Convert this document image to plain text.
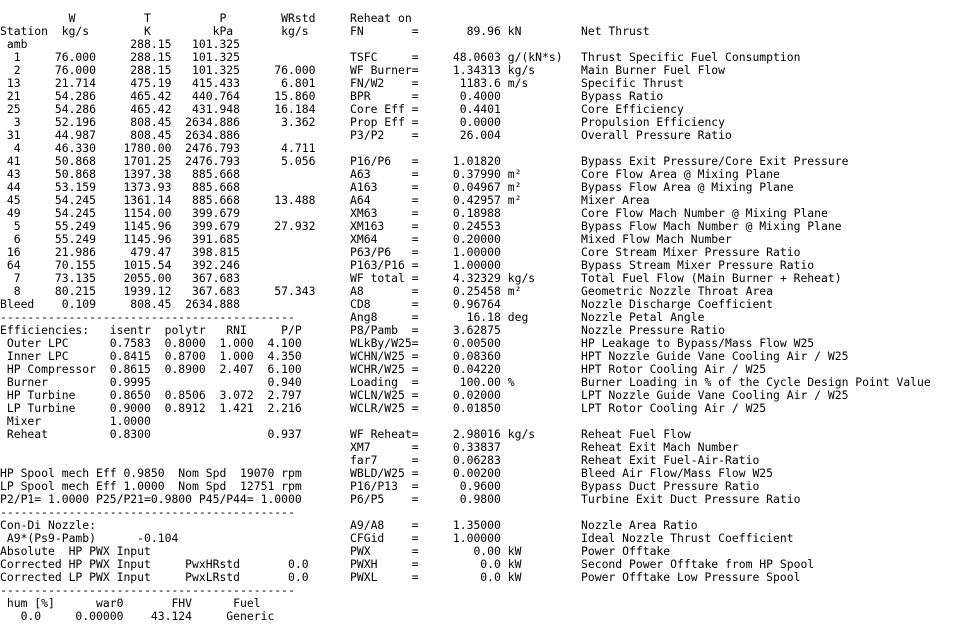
W          T          P        WRstd
Station  kg/s        K         kPa       kg/s
amb               288.15   101.325
1     76.000     288.15   101.325
2     76.000     288.15   101.325     76.000
13     21.714     475.19   415.433      6.801
21     54.286     465.42   440.764     15.860
25     54.286     465.42   431.948     16.184
3     52.196     808.45  2634.886      3.362
31     44.987     808.45  2634.886
4     46.330    1780.00  2476.793      4.711
41     50.868    1701.25  2476.793      5.056
43     50.868    1397.38   885.668
44     53.159    1373.93   885.668
45     54.245    1361.14   885.668     13.488
49     54.245    1154.00   399.679
5     55.249    1145.96   399.679     27.932
6     55.249    1145.96   391.685
16     21.986     479.47   398.815
64     70.155    1015.54   392.246
7     73.135    2055.00   367.683
8     80.215    1939.12   367.683     57.343
Bleed    0.109     808.45  2634.888
-------------------------------------------
Efficiencies:   isentr  polytr   RNI     P/P
Outer LPC      0.7583  0.8000  1.000  4.100
Inner LPC      0.8415  0.8700  1.000  4.350
HP Compressor  0.8615  0.8900  2.407  6.100
Burner         0.9995                 0.940
HP Turbine     0.8650  0.8506  3.072  2.797
LP Turbine     0.9000  0.8912  1.421  2.216
Mixer          1.0000
Reheat         0.8300                 0.937
HP Spool mech Eff 0.9850  Nom Spd  19070 rpm
LP Spool mech Eff 1.0000  Nom Spd  12751 rpm
P2/P1= 1.0000 P25/P21=0.9800 P45/P44= 1.0000
-------------------------------------------
Con-Di Nozzle:
A9*(Ps9-Pamb)      -0.104
Absolute  HP PWX Input
Corrected HP PWX Input     PwxHRstd       0.0
Corrected LP PWX Input     PwxLRstd       0.0
-------------------------------------------
hum [%]      war0       FHV      Fuel
0.0     0.00000    43.124     Generic
Reheat on
FN       =       89.96 kN
TSFC     =     48.0603 g/(kN*s)
WF Burner=     1.34313 kg/s
FN/W2    =      1183.6 m/s
BPR      =      0.4000
Core Eff =      0.4401
Prop Eff =      0.0000
P3/P2    =      26.004
P16/P6   =     1.01820
A63      =     0.37990 m²
A163     =     0.04967 m²
A64      =     0.42957 m²
XM63     =     0.18988
XM163    =     0.24553
XM64     =     0.20000
P63/P6   =     1.00000
P163/P16 =     1.00000
WF total =     4.32329 kg/s
A8       =     0.25458 m²
CD8      =     0.96764
Ang8     =       16.18 deg
P8/Pamb  =     3.62875
WLkBy/W25=     0.00500
WCHN/W25 =     0.08360
WCHR/W25 =     0.04220
Loading  =      100.00 %
WCLN/W25 =     0.02000
WCLR/W25 =     0.01850
WF Reheat=     2.98016 kg/s
XM7      =     0.33837
far7     =     0.06283
WBLD/W25 =     0.00200
P16/P13  =      0.9600
P6/P5    =      0.9800
A9/A8    =     1.35000
CFGid    =     1.00000
PWX      =        0.00 kW
PWXH     =         0.0 kW
PWXL     =         0.0 kW
Net Thrust
Thrust Specific Fuel Consumption
Main Burner Fuel Flow
Specific Thrust
Bypass Ratio
Core Efficiency
Propulsion Efficiency
Overall Pressure Ratio
Bypass Exit Pressure/Core Exit Pressure
Core Flow Area @ Mixing Plane
Bypass Flow Area @ Mixing Plane
Mixer Area
Core Flow Mach Number @ Mixing Plane
Bypass Flow Mach Number @ Mixing Plane
Mixed Flow Mach Number
Core Stream Mixer Pressure Ratio
Bypass Stream Mixer Pressure Ratio
Total Fuel Flow (Main Burner + Reheat)
Geometric Nozzle Throat Area
Nozzle Discharge Coefficient
Nozzle Petal Angle
Nozzle Pressure Ratio
HP Leakage to Bypass/Mass Flow W25
HPT Nozzle Guide Vane Cooling Air / W25
HPT Rotor Cooling Air / W25
Burner Loading in % of the Cycle Design Point Value
LPT Nozzle Guide Vane Cooling Air / W25
LPT Rotor Cooling Air / W25
Reheat Fuel Flow
Reheat Exit Mach Number
Reheat Exit Fuel-Air-Ratio
Bleed Air Flow/Mass Flow W25
Bypass Duct Pressure Ratio
Turbine Exit Duct Pressure Ratio
Nozzle Area Ratio
Ideal Nozzle Thrust Coefficient
Power Offtake
Second Power Offtake from HP Spool
Power Offtake Low Pressure Spool
